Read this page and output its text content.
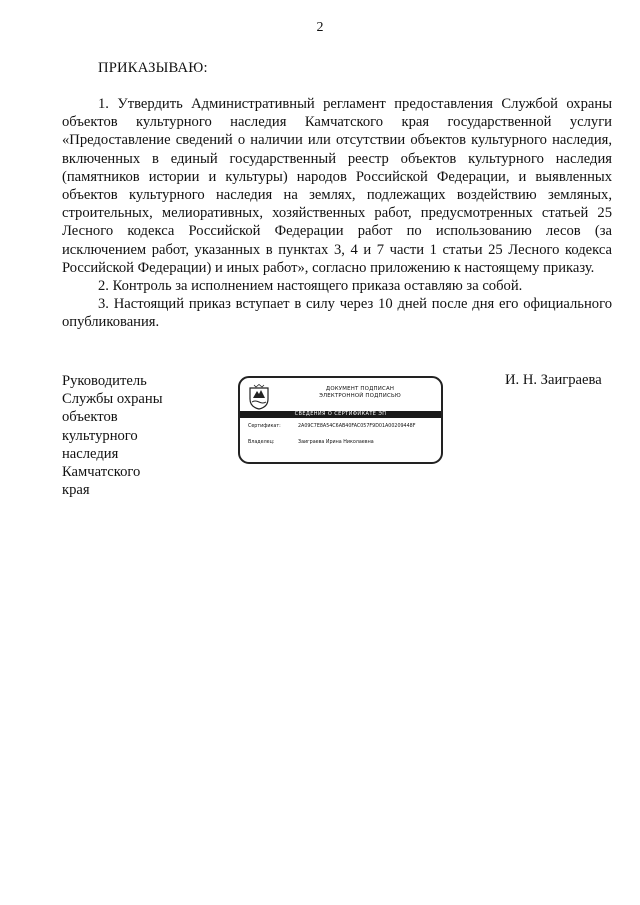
2
ПРИКАЗЫВАЮ:

1. Утвердить Административный регламент предоставления Службой охраны объектов культурного наследия Камчатского края государственной услуги «Предоставление сведений о наличии или отсутствии объектов культурного наследия, включенных в единый государственный реестр объектов культурного наследия (памятников истории и культуры) народов Российской Федерации, и выявленных объектов культурного наследия на землях, подлежащих воздействию земляных, строительных, мелиоративных, хозяйственных работ, предусмотренных статьей 25 Лесного кодекса Российской Федерации работ по использованию лесов (за исключением работ, указанных в пунктах 3, 4 и 7 части 1 статьи 25 Лесного кодекса Российской Федерации) и иных работ», согласно приложению к настоящему приказу.

2. Контроль за исполнением настоящего приказа оставляю за собой.

3. Настоящий приказ вступает в силу через 10 дней после дня его официального опубликования.

Руководитель
Службы охраны
объектов
культурного
наследия
Камчатского
края
ДОКУМЕНТ ПОДПИСАН
ЭЛЕКТРОННОЙ ПОДПИСЬЮ
СВЕДЕНИЯ О СЕРТИФИКАТЕ ЭП
Сертификат:	2A09C7E8A54C6AB40FAC057F9D01A00209448F
Владелец:	Заиграева Ирина Николаевна
И. Н. Заиграева
